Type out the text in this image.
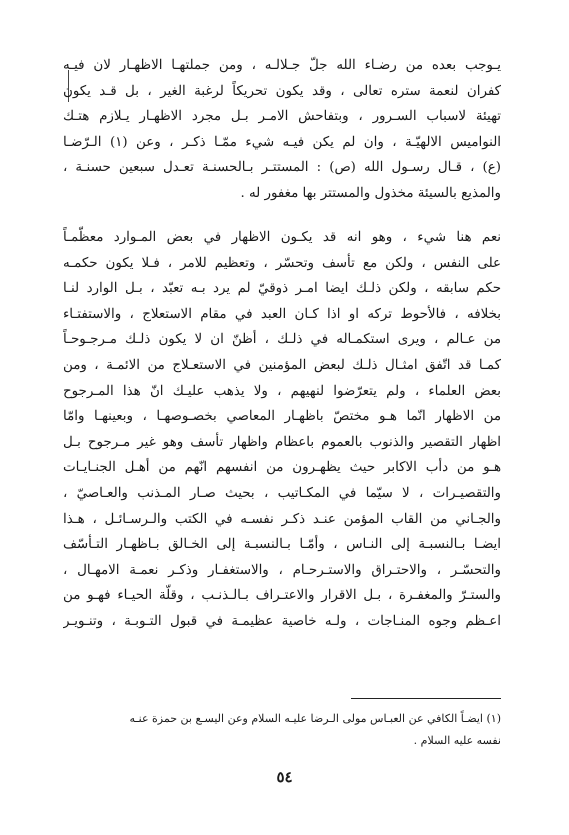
يـوجب بعده من رضـاء الله جلّ جـلالـه ، ومن جملتهـا الاظهـار لان فيـه
كفران لنعمة ستره تعالى ، وقد يكون تحريكاً لرغبة الغير ، بل قـد يكون
تهيئة لاسباب السـرور ، وبتفاحش الامـر بـل مجرد الاظهـار يـلازم هتـك
النواميس الالهيّـة ، وان لم يكن فيـه شيء ممّـا ذكـر ، وعن (١) الـرّضـا
(ع) ، قـال رسـول الله (ص) : المستتـر بـالحسنـة تعـدل سبعين حسنـة ،
والمذيع بالسيئة مخذول والمستتر بها مغفور له .
نعم هنا شيء ، وهو انه قد يكـون الاظهار في بعض المـوارد معظّمـاً
على النفس ، ولكن مع تأسف وتحسّر ، وتعظيم للامر ، فـلا يكون حكمـه
حكم سابقه ، ولكن ذلـك ايضا امـر ذوقيّ لم يرد بـه تعبّد ، بـل الوارد لنـا
بخلافه ، فالأحوط تركه او اذا كـان العبد في مقام الاستعلاج ، والاستفتـاء
من عـالم ، ويرى استكمـاله في ذلـك ، أظنّ ان لا يكون ذلـك مـرجـوحـاً
كمـا قد اتّفق امثـال ذلـك لبعض المؤمنين في الاستعـلاج من الائمـة ، ومن
بعض العلماء ، ولم يتعرّضوا لنهيهم ، ولا يذهب عليـك انّ هذا المـرجوح
من الاظهار انّما هـو مختصّ باظهـار المعاصي بخصـوصهـا ، وبعينهـا وامّا
اظهار التقصير والذنوب بالعموم باعظام واظهار تأسف وهو غير مـرجوح بـل
هـو من دأب الاكابر حيث يظهـرون من انفسهم انّهم من أهـل الجنـايـات
والتقصيـرات ، لا سيّما في المكـاتيب ، بحيث صـار المـذنب والعـاصيّ ،
والجـاني من القاب المؤمن عنـد ذكـر نفسـه في الكتب والـرسـائـل ، هـذا
ايضـا بـالنسبـة إلى النـاس ، وأمّـا بـالنسبـة إلى الخـالق بـاظهـار التـأسّف
والتحسّـر ، والاحتـراق والاستـرحـام ، والاستغفـار وذكـر نعمـة الامهـال ،
والستـرّ والمغفـرة ، بـل الاقرار والاعتـراف بـالـذنـب ، وقلّة الحيـاء فهـو من
اعـظم وجوه المنـاجات ، ولـه خاصية عظيمـة في قبول التـوبـة ، وتنـويـر
(١) ايضـاً الكافي عن العبـاس مولى الـرضا عليـه السلام وعن اليسـع بن حمزة عنـه
نفسه عليه السلام .
٥٤
